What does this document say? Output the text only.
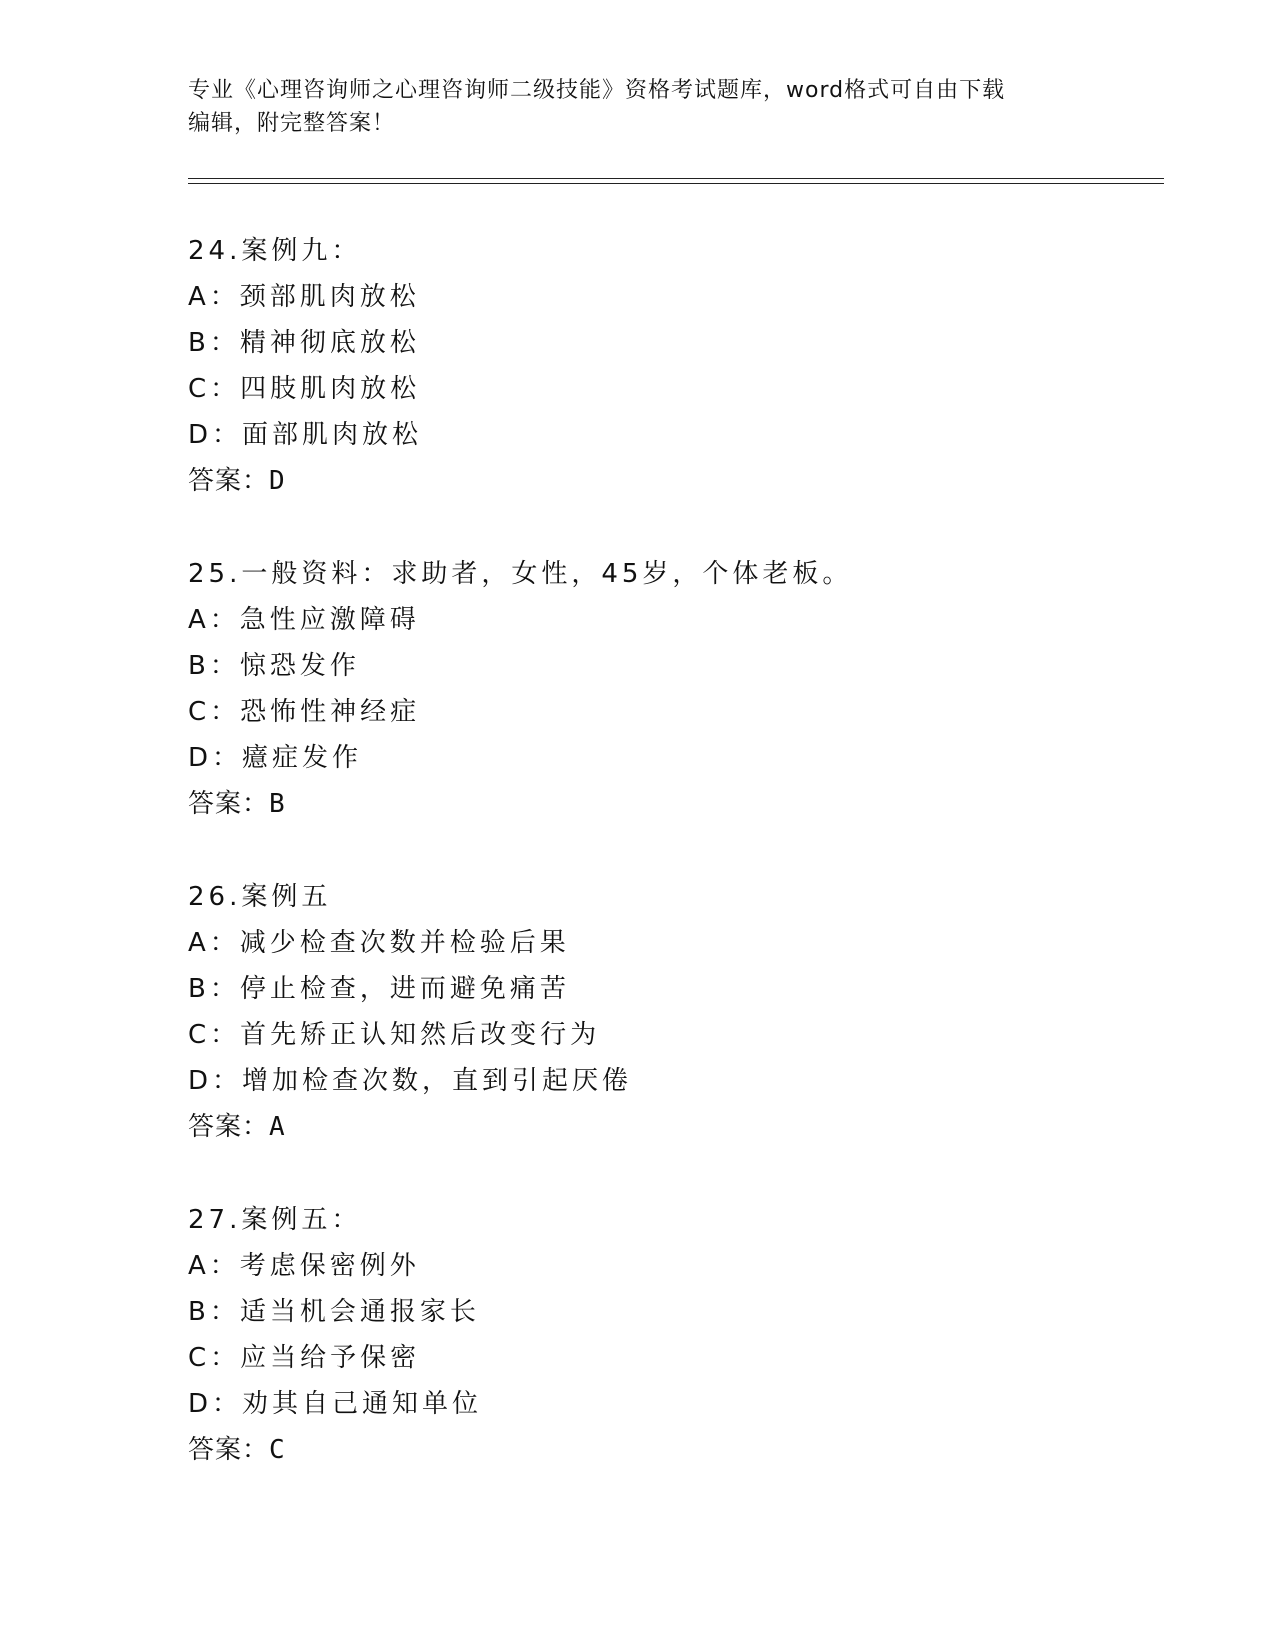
专业《心理咨询师之心理咨询师二级技能》资格考试题库，word格式可自由下载
编辑，附完整答案！
24.案例九：
A：颈部肌肉放松
B：精神彻底放松
C：四肢肌肉放松
D：面部肌肉放松
答案：D
25.一般资料：求助者，女性，45岁，个体老板。
A：急性应激障碍
B：惊恐发作
C：恐怖性神经症
D：癔症发作
答案：B
26.案例五
A：减少检查次数并检验后果
B：停止检查，进而避免痛苦
C：首先矫正认知然后改变行为
D：增加检查次数，直到引起厌倦
答案：A
27.案例五：
A：考虑保密例外
B：适当机会通报家长
C：应当给予保密
D：劝其自己通知单位
答案：C
